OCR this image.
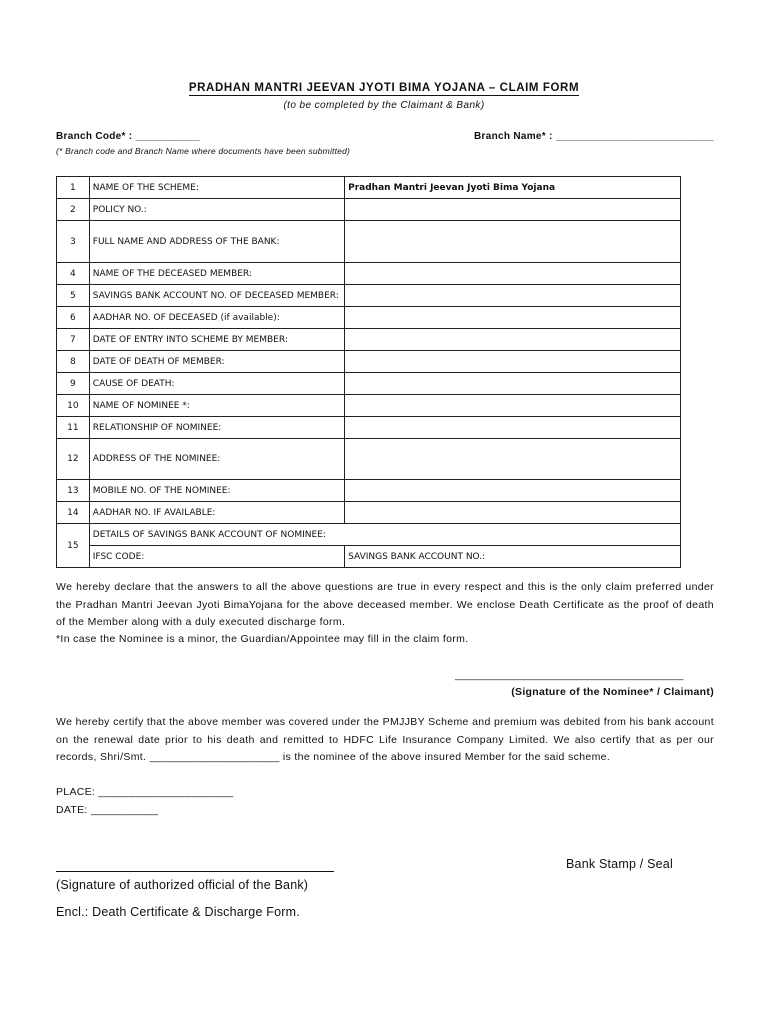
PRADHAN MANTRI JEEVAN JYOTI BIMA YOJANA – CLAIM FORM
(to be completed by the Claimant & Bank)
Branch Code* : ___________	Branch Name* : ___________________________
(* Branch code and Branch Name where documents have been submitted)
1	NAME OF THE SCHEME:	Pradhan Mantri Jeevan Jyoti Bima Yojana
2	POLICY NO.:	
3	FULL NAME AND ADDRESS OF THE BANK:	
4	NAME OF THE DECEASED MEMBER:	
5	SAVINGS BANK ACCOUNT NO. OF DECEASED MEMBER:	
6	AADHAR NO. OF DECEASED (if available):	
7	DATE OF ENTRY INTO SCHEME BY MEMBER:	
8	DATE OF DEATH OF MEMBER:	
9	CAUSE OF DEATH:	
10	NAME OF NOMINEE *:	
11	RELATIONSHIP OF NOMINEE:	
12	ADDRESS OF THE NOMINEE:	
13	MOBILE NO. OF THE NOMINEE:	
14	AADHAR NO. IF AVAILABLE:	
15	DETAILS OF SAVINGS BANK ACCOUNT OF NOMINEE:	
	IFSC CODE:	SAVINGS BANK ACCOUNT NO.:
We hereby declare that the answers to all the above questions are true in every respect and this is the only claim preferred under the Pradhan Mantri Jeevan Jyoti BimaYojana for the above deceased member. We enclose Death Certificate as the proof of death of the Member along with a duly executed discharge form.
*In case the Nominee is a minor, the Guardian/Appointee may fill in the claim form.
_______________________________________
(Signature of the Nominee* / Claimant)
We hereby certify that the above member was covered under the PMJJBY Scheme and premium was debited from his bank account on the renewal date prior to his death and remitted to HDFC Life Insurance Company Limited. We also certify that as per our records, Shri/Smt. _____________________ is the nominee of the above insured Member for the said scheme.
PLACE: ______________________
DATE: ___________
Bank Stamp / Seal
(Signature of authorized official of the Bank)
Encl.: Death Certificate & Discharge Form.
